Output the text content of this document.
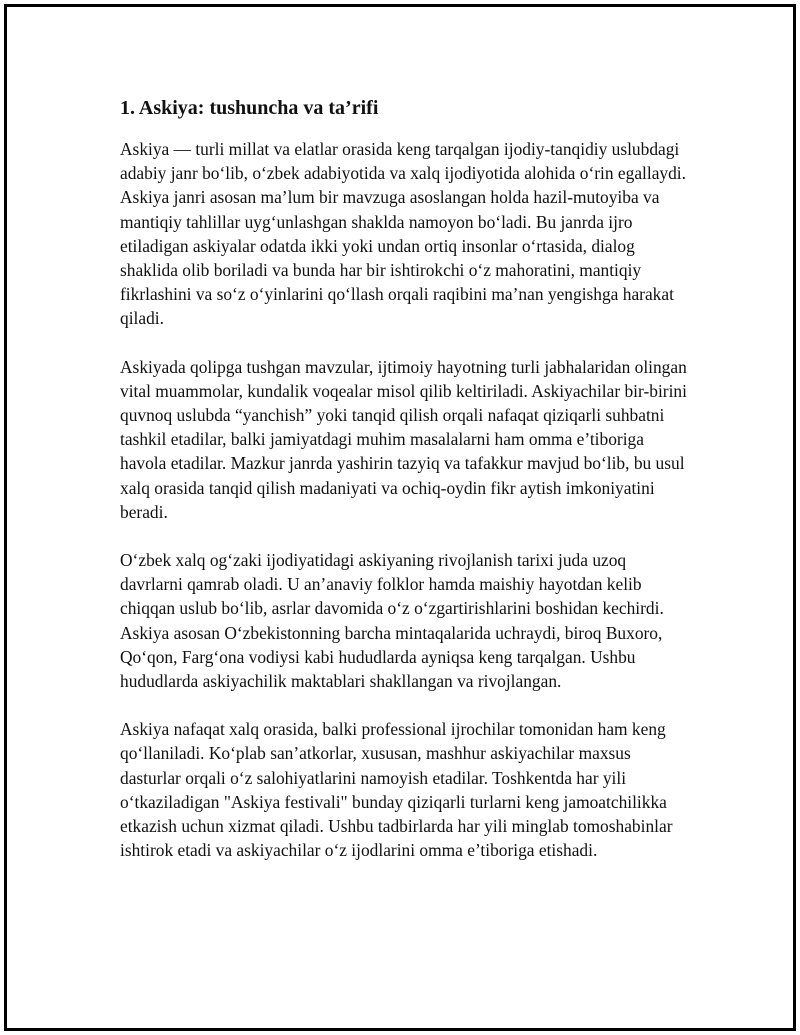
1. Askiya: tushuncha va ta’rifi

Askiya — turli millat va elatlar orasida keng tarqalgan ijodiy-tanqidiy uslubdagi adabiy janr bo‘lib, o‘zbek adabiyotida va xalq ijodiyotida alohida o‘rin egallaydi. Askiya janri asosan ma’lum bir mavzuga asoslangan holda hazil-mutoyiba va mantiqiy tahlillar uyg‘unlashgan shaklda namoyon bo‘ladi. Bu janrda ijro etiladigan askiyalar odatda ikki yoki undan ortiq insonlar o‘rtasida, dialog shaklida olib boriladi va bunda har bir ishtirokchi o‘z mahoratini, mantiqiy fikrlashini va so‘z o‘yinlarini qo‘llash orqali raqibini ma’nan yengishga harakat qiladi.

Askiyada qolipga tushgan mavzular, ijtimoiy hayotning turli jabhalaridan olingan vital muammolar, kundalik voqealar misol qilib keltiriladi. Askiyachilar bir-birini quvnoq uslubda “yanchish” yoki tanqid qilish orqali nafaqat qiziqarli suhbatni tashkil etadilar, balki jamiyatdagi muhim masalalarni ham omma e’tiboriga havola etadilar. Mazkur janrda yashirin tazyiq va tafakkur mavjud bo‘lib, bu usul xalq orasida tanqid qilish madaniyati va ochiq-oydin fikr aytish imkoniyatini beradi.

O‘zbek xalq og‘zaki ijodiyatidagi askiyaning rivojlanish tarixi juda uzoq davrlarni qamrab oladi. U an’anaviy folklor hamda maishiy hayotdan kelib chiqqan uslub bo‘lib, asrlar davomida o‘z o‘zgartirishlarini boshidan kechirdi. Askiya asosan O‘zbekistonning barcha mintaqalarida uchraydi, biroq Buxoro, Qo‘qon, Farg‘ona vodiysi kabi hududlarda ayniqsa keng tarqalgan. Ushbu hududlarda askiyachilik maktablari shakllangan va rivojlangan.

Askiya nafaqat xalq orasida, balki professional ijrochilar tomonidan ham keng qo‘llaniladi. Ko‘plab san’atkorlar, xususan, mashhur askiyachilar maxsus dasturlar orqali o‘z salohiyatlarini namoyish etadilar. Toshkentda har yili o‘tkaziladigan "Askiya festivali" bunday qiziqarli turlarni keng jamoatchilikka etkazish uchun xizmat qiladi. Ushbu tadbirlarda har yili minglab tomoshabinlar ishtirok etadi va askiyachilar o‘z ijodlarini omma e’tiboriga etishadi.
